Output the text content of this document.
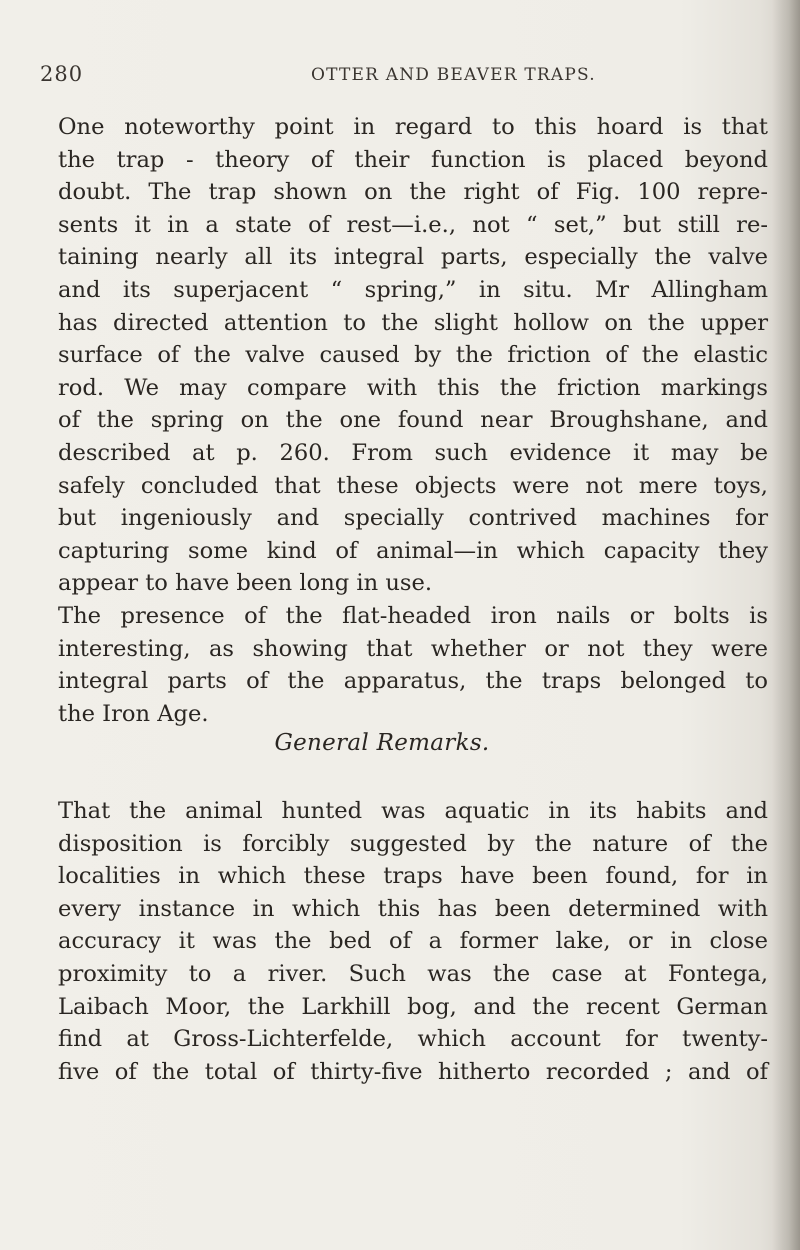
280	OTTER AND BEAVER TRAPS.
One noteworthy point in regard to this hoard is that
the trap - theory of their function is placed beyond
doubt. The trap shown on the right of Fig. 100 repre-
sents it in a state of rest—i.e., not “ set,” but still re-
taining nearly all its integral parts, especially the valve
and its superjacent “ spring,” in situ. Mr Allingham
has directed attention to the slight hollow on the upper
surface of the valve caused by the friction of the elastic
rod. We may compare with this the friction markings
of the spring on the one found near Broughshane, and
described at p. 260. From such evidence it may be
safely concluded that these objects were not mere toys,
but ingeniously and specially contrived machines for
capturing some kind of animal—in which capacity they
appear to have been long in use.
The presence of the flat-headed iron nails or bolts is
interesting, as showing that whether or not they were
integral parts of the apparatus, the traps belonged to
the Iron Age.
General Remarks.
That the animal hunted was aquatic in its habits and
disposition is forcibly suggested by the nature of the
localities in which these traps have been found, for in
every instance in which this has been determined with
accuracy it was the bed of a former lake, or in close
proximity to a river. Such was the case at Fontega,
Laibach Moor, the Larkhill bog, and the recent German
find at Gross-Lichterfelde, which account for twenty-
five of the total of thirty-five hitherto recorded ; and of
